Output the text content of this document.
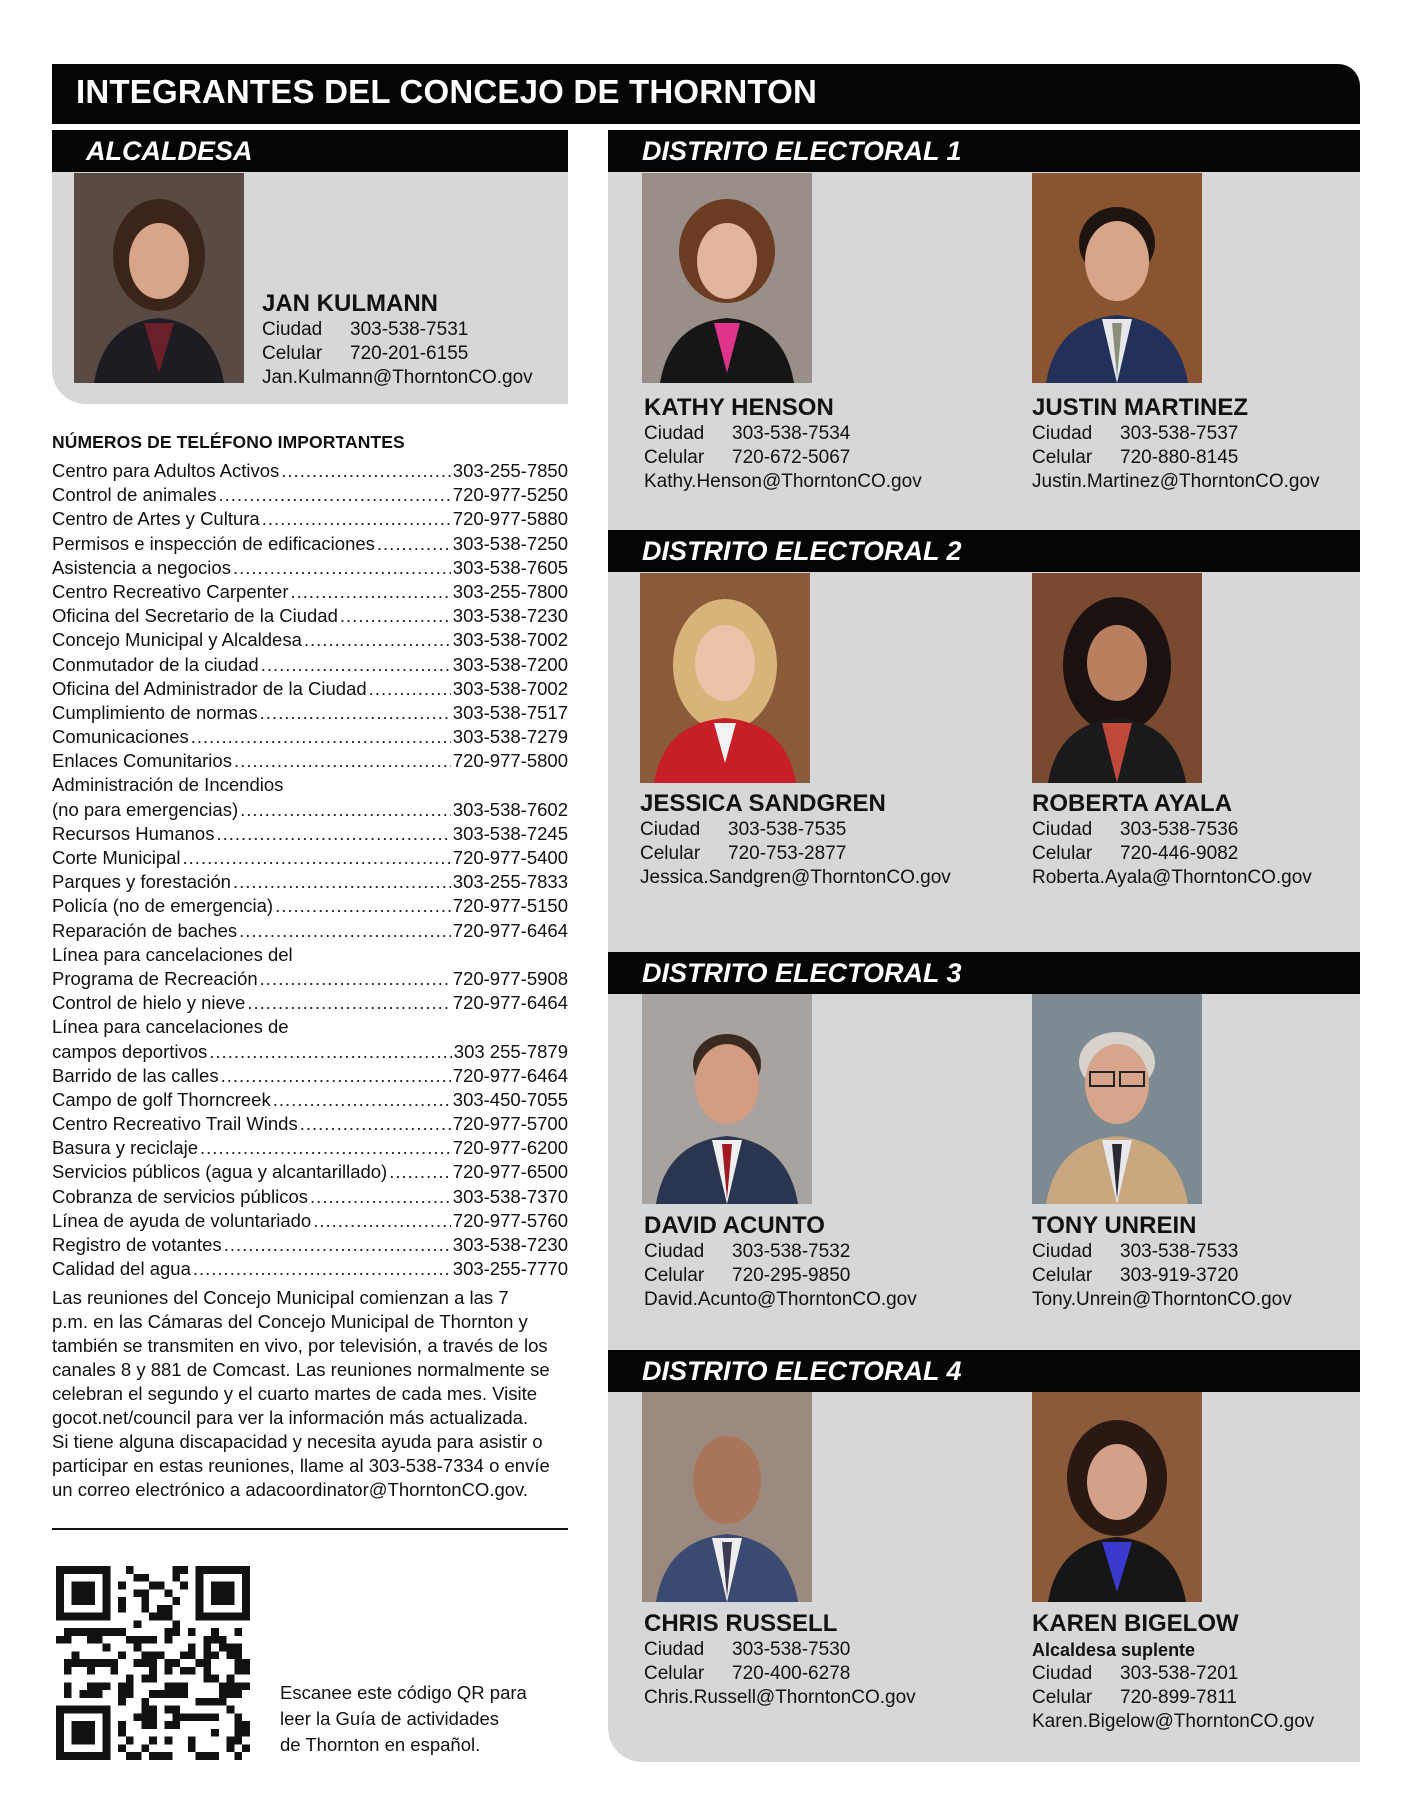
INTEGRANTES DEL CONCEJO DE THORNTON
ALCALDESA
JAN KULMANN
Ciudad	303-538-7531
Celular	720-201-6155
Jan.Kulmann@ThorntonCO.gov
DISTRITO ELECTORAL 1
KATHY HENSON
Ciudad	303-538-7534
Celular	720-672-5067
Kathy.Henson@ThorntonCO.gov
JUSTIN MARTINEZ
Ciudad	303-538-7537
Celular	720-880-8145
Justin.Martinez@ThorntonCO.gov
DISTRITO ELECTORAL 2
JESSICA SANDGREN
Ciudad	303-538-7535
Celular	720-753-2877
Jessica.Sandgren@ThorntonCO.gov
ROBERTA AYALA
Ciudad	303-538-7536
Celular	720-446-9082
Roberta.Ayala@ThorntonCO.gov
DISTRITO ELECTORAL 3
DAVID ACUNTO
Ciudad	303-538-7532
Celular	720-295-9850
David.Acunto@ThorntonCO.gov
TONY UNREIN
Ciudad	303-538-7533
Celular	303-919-3720
Tony.Unrein@ThorntonCO.gov
DISTRITO ELECTORAL 4
CHRIS RUSSELL
Ciudad	303-538-7530
Celular	720-400-6278
Chris.Russell@ThorntonCO.gov
KAREN BIGELOW
Alcaldesa suplente
Ciudad	303-538-7201
Celular	720-899-7811
Karen.Bigelow@ThorntonCO.gov
NÚMEROS DE TELÉFONO IMPORTANTES
Centro para Adultos Activos .....	303-255-7850
Control de animales .....	720-977-5250
Centro de Artes y Cultura .....	720-977-5880
Permisos e inspección de edificaciones .....	303-538-7250
Asistencia a negocios .....	303-538-7605
Centro Recreativo Carpenter .....	303-255-7800
Oficina del Secretario de la Ciudad .....	303-538-7230
Concejo Municipal y Alcaldesa .....	303-538-7002
Conmutador de la ciudad .....	303-538-7200
Oficina del Administrador de la Ciudad .....	303-538-7002
Cumplimiento de normas .....	303-538-7517
Comunicaciones .....	303-538-7279
Enlaces Comunitarios .....	720-977-5800
Administración de Incendios
(no para emergencias) .....	303-538-7602
Recursos Humanos .....	303-538-7245
Corte Municipal .....	720-977-5400
Parques y forestación .....	303-255-7833
Policía (no de emergencia) .....	720-977-5150
Reparación de baches .....	720-977-6464
Línea para cancelaciones del
Programa de Recreación .....	720-977-5908
Control de hielo y nieve .....	720-977-6464
Línea para cancelaciones de
campos deportivos .....	303 255-7879
Barrido de las calles .....	720-977-6464
Campo de golf Thorncreek .....	303-450-7055
Centro Recreativo Trail Winds .....	720-977-5700
Basura y reciclaje .....	720-977-6200
Servicios públicos (agua y alcantarillado) .....	720-977-6500
Cobranza de servicios públicos .....	303-538-7370
Línea de ayuda de voluntariado .....	720-977-5760
Registro de votantes .....	303-538-7230
Calidad del agua .....	303-255-7770
Las reuniones del Concejo Municipal comienzan a las 7
p.m. en las Cámaras del Concejo Municipal de Thornton y
también se transmiten en vivo, por televisión, a través de los
canales 8 y 881 de Comcast. Las reuniones normalmente se
celebran el segundo y el cuarto martes de cada mes. Visite
gocot.net/council para ver la información más actualizada.
Si tiene alguna discapacidad y necesita ayuda para asistir o
participar en estas reuniones, llame al 303-538-7334 o envíe
un correo electrónico a adacoordinator@ThorntonCO.gov.
Escanee este código QR para
leer la Guía de actividades
de Thornton en español.
